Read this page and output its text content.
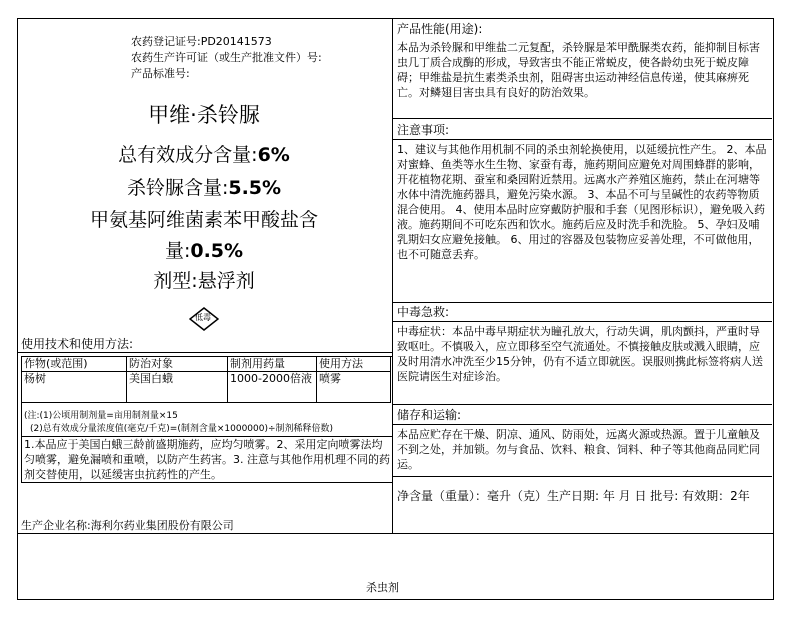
农药登记证号:PD20141573
农药生产许可证（或生产批准文件）号:
产品标准号:
甲维·杀铃脲
总有效成分含量:6%
杀铃脲含量:5.5%
甲氨基阿维菌素苯甲酸盐含
量:0.5%
剂型:悬浮剂
低毒
使用技术和使用方法:
作物(或范围)	防治对象	制剂用药量	使用方法
杨树	美国白蛾	1000-2000倍液	喷雾
(注:(1)公顷用制剂量=亩用制剂量×15
(2)总有效成分量浓度值(毫克/千克)=(制剂含量×1000000)÷制剂稀释倍数)
1.本品应于美国白蛾三龄前盛期施药，应均匀喷雾。2、采用定向喷雾法均匀喷雾，避免漏喷和重喷，以防产生药害。3. 注意与其他作用机理不同的药剂交替使用，以延缓害虫抗药性的产生。
生产企业名称:海利尔药业集团股份有限公司
杀虫剂
产品性能(用途):
本品为杀铃脲和甲维盐二元复配，杀铃脲是苯甲酰脲类农药，能抑制目标害虫几丁质合成酶的形成，导致害虫不能正常蜕皮，使各龄幼虫死于蜕皮障碍；甲维盐是抗生素类杀虫剂，阻碍害虫运动神经信息传递，使其麻痹死亡。对鳞翅目害虫具有良好的防治效果。
注意事项:
1、建议与其他作用机制不同的杀虫剂轮换使用，以延缓抗性产生。 2、本品对蜜蜂、鱼类等水生生物、家蚕有毒，施药期间应避免对周围蜂群的影响，开花植物花期、蚕室和桑园附近禁用。远离水产养殖区施药，禁止在河塘等水体中清洗施药器具，避免污染水源。 3、本品不可与呈碱性的农药等物质混合使用。 4、使用本品时应穿戴防护服和手套（见图形标识），避免吸入药液。施药期间不可吃东西和饮水。施药后应及时洗手和洗脸。 5、孕妇及哺乳期妇女应避免接触。 6、用过的容器及包装物应妥善处理，不可做他用，也不可随意丢弃。
中毒急救:
中毒症状：本品中毒早期症状为瞳孔放大，行动失调，肌肉颤抖，严重时导致呕吐。不慎吸入，应立即移至空气流通处。不慎接触皮肤或溅入眼睛，应及时用清水冲洗至少15分钟，仍有不适立即就医。误服则携此标签将病人送医院请医生对症诊治。
储存和运输:
本品应贮存在干燥、阴凉、通风、防雨处，远离火源或热源。置于儿童触及不到之处，并加锁。勿与食品、饮料、粮食、饲料、种子等其他商品同贮同运。
净含量（重量）：毫升（克）生产日期: 年 月 日 批号: 有效期：2年
